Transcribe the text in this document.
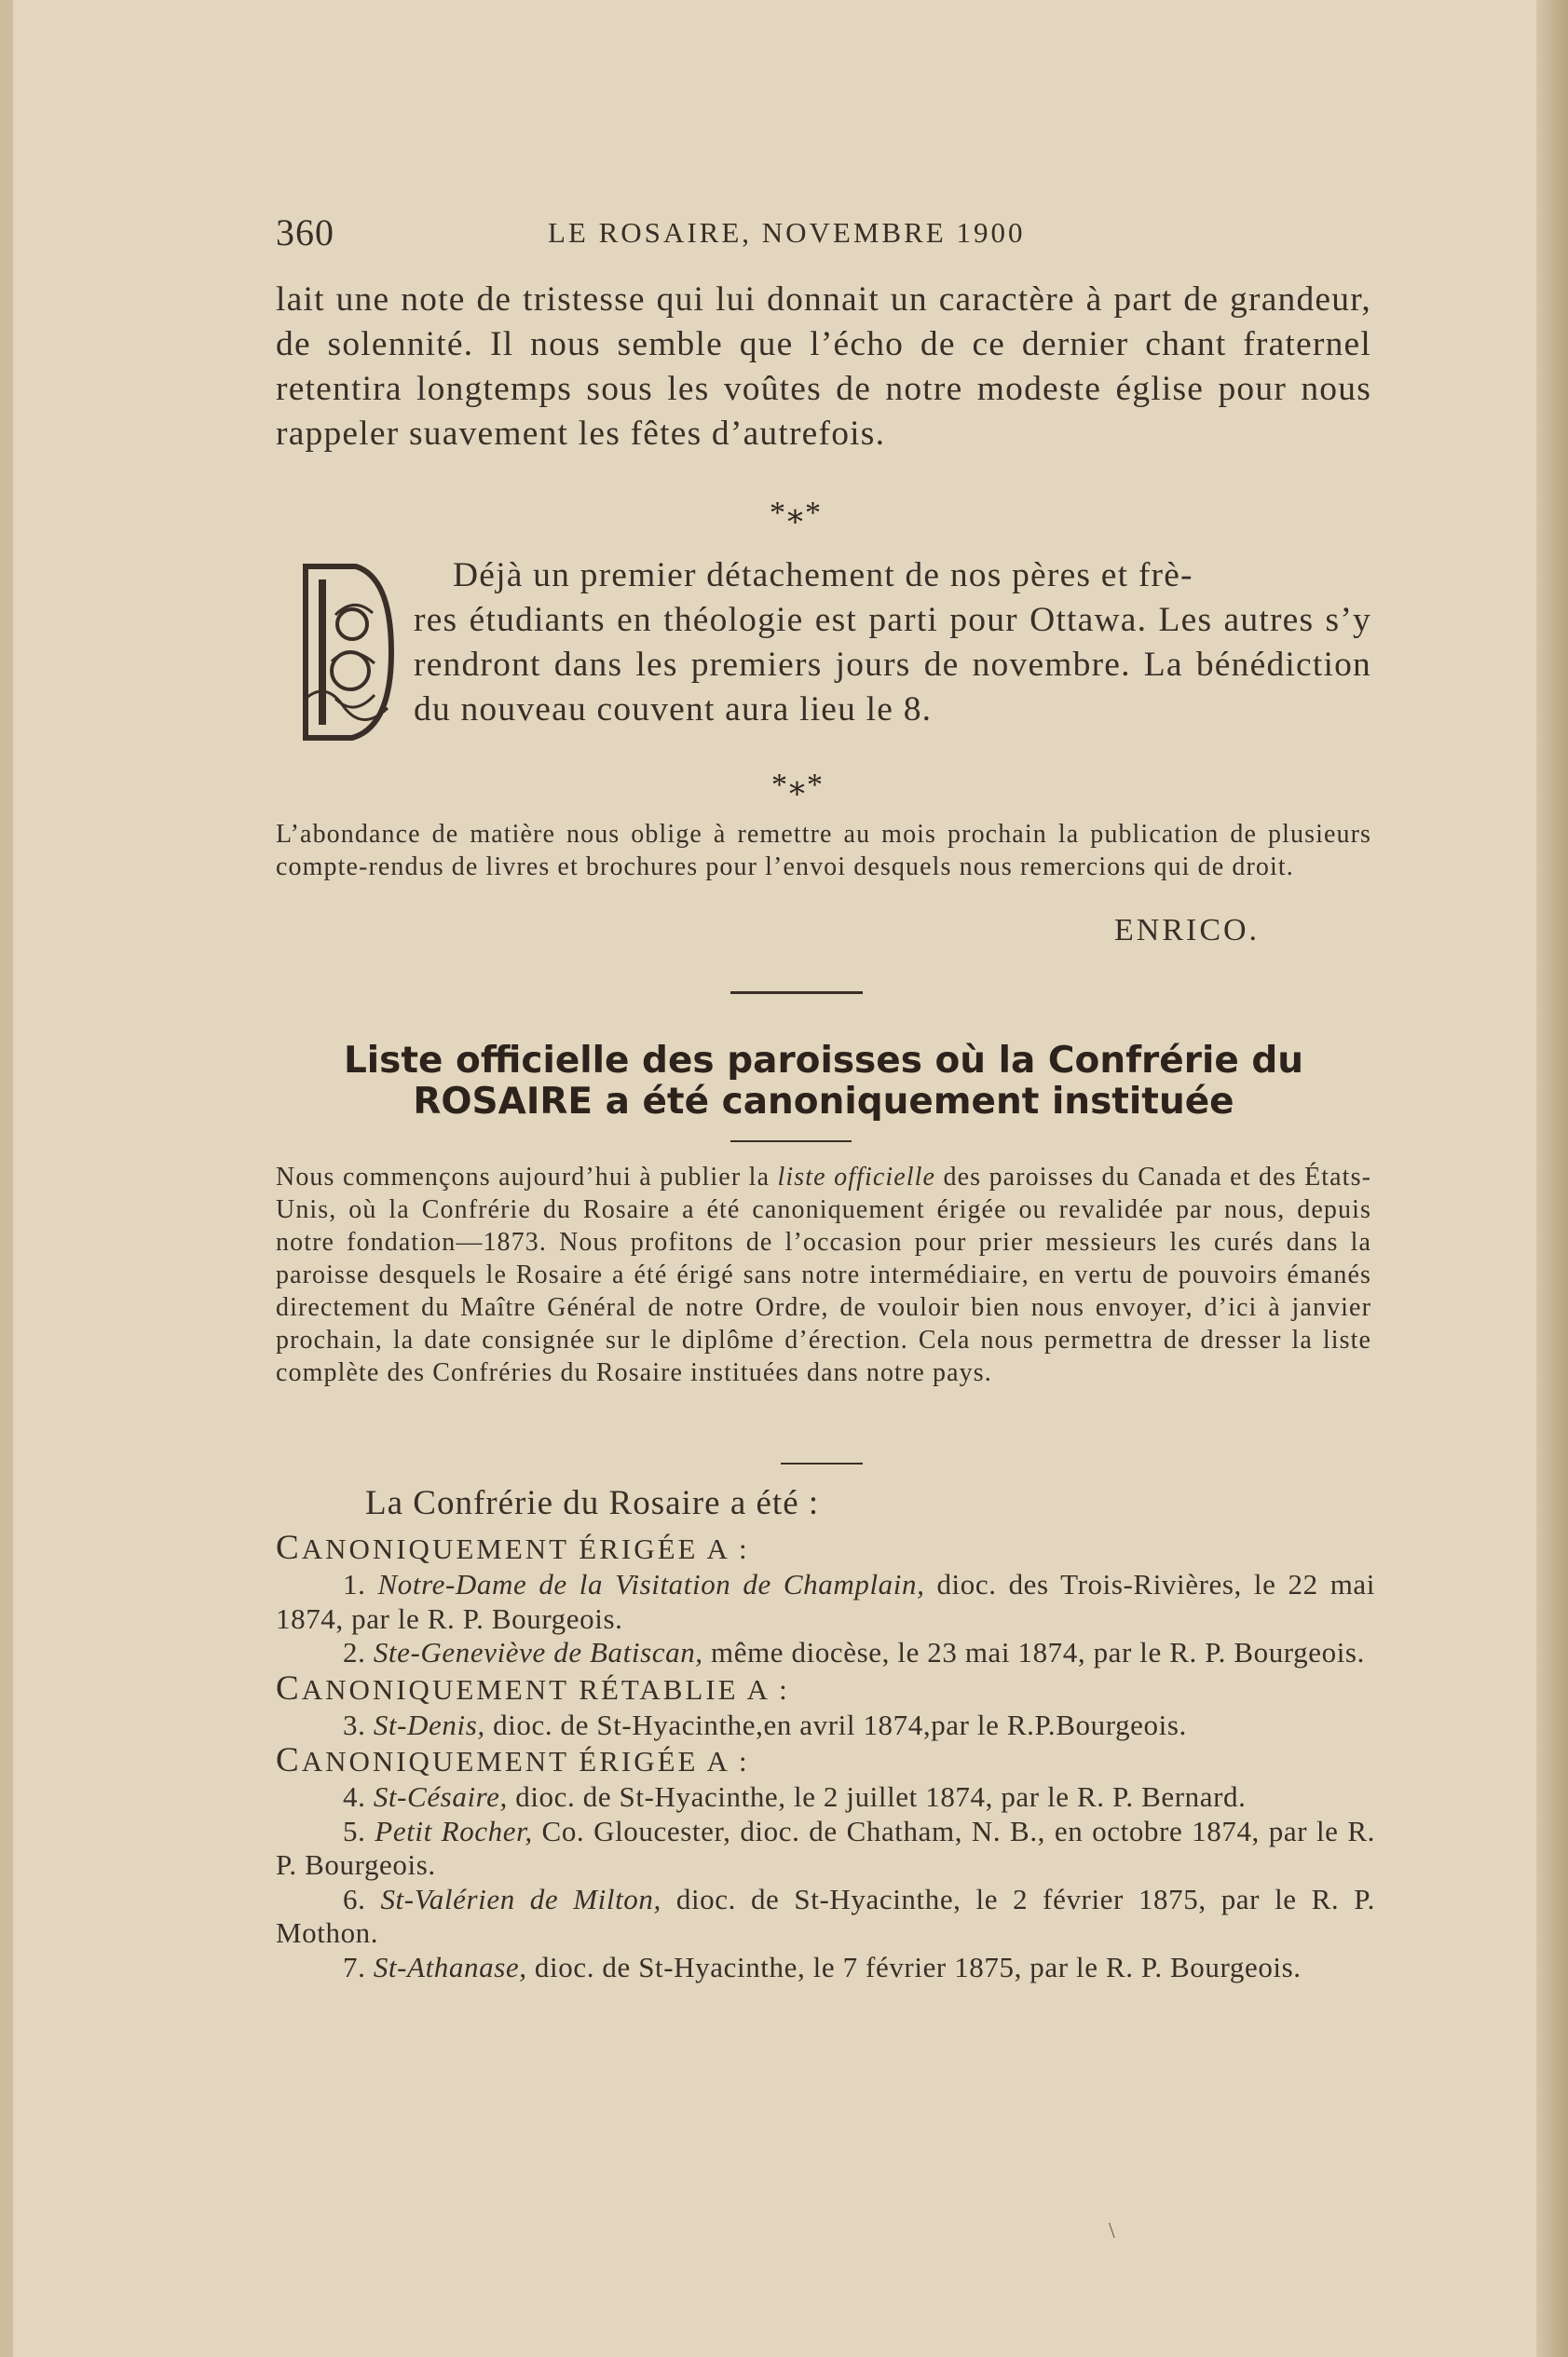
360	LE ROSAIRE, NOVEMBRE 1900
lait une note de tristesse qui lui donnait un caractère à part de grandeur, de solennité. Il nous semble que l’écho de ce dernier chant fraternel retentira longtemps sous les voûtes de notre modeste église pour nous rappeler suavement les fêtes d’autrefois.
*⁎*
Déjà un premier détachement de nos pères et frè-
res étudiants en théologie est parti pour Ottawa. Les autres s’y rendront dans les premiers jours de novembre. La bénédiction du nouveau couvent aura lieu le 8.
*⁎*
L’abondance de matière nous oblige à remettre au mois prochain la publication de plusieurs compte-rendus de livres et brochures pour l’envoi desquels nous remercions qui de droit.
ENRICO.
Liste officielle des paroisses où la Confrérie du
ROSAIRE a été canoniquement instituée
Nous commençons aujourd’hui à publier la liste officielle des paroisses du Canada et des États-Unis, où la Confrérie du Rosaire a été canoniquement érigée ou revalidée par nous, depuis notre fondation—1873. Nous profitons de l’occasion pour prier messieurs les curés dans la paroisse desquels le Rosaire a été érigé sans notre intermédiaire, en vertu de pouvoirs émanés directement du Maître Général de notre Ordre, de vouloir bien nous envoyer, d’ici à janvier prochain, la date consignée sur le diplôme d’érection. Cela nous permettra de dresser la liste complète des Confréries du Rosaire instituées dans notre pays.
La Confrérie du Rosaire a été :

CANONIQUEMENT ÉRIGÉE A :

1. Notre-Dame de la Visitation de Champlain, dioc. des Trois-Rivières, le 22 mai 1874, par le R. P. Bourgeois.

2. Ste-Geneviève de Batiscan, même diocèse, le 23 mai 1874, par le R. P. Bourgeois.

CANONIQUEMENT RÉTABLIE A :

3. St-Denis, dioc. de St-Hyacinthe,en avril 1874,par le R.P.Bourgeois.

CANONIQUEMENT ÉRIGÉE A :

4. St-Césaire, dioc. de St-Hyacinthe, le 2 juillet 1874, par le R. P. Bernard.

5. Petit Rocher, Co. Gloucester, dioc. de Chatham, N. B., en octobre 1874, par le R. P. Bourgeois.

6. St-Valérien de Milton, dioc. de St-Hyacinthe, le 2 février 1875, par le R. P. Mothon.

7. St-Athanase, dioc. de St-Hyacinthe, le 7 février 1875, par le R. P. Bourgeois.

\
